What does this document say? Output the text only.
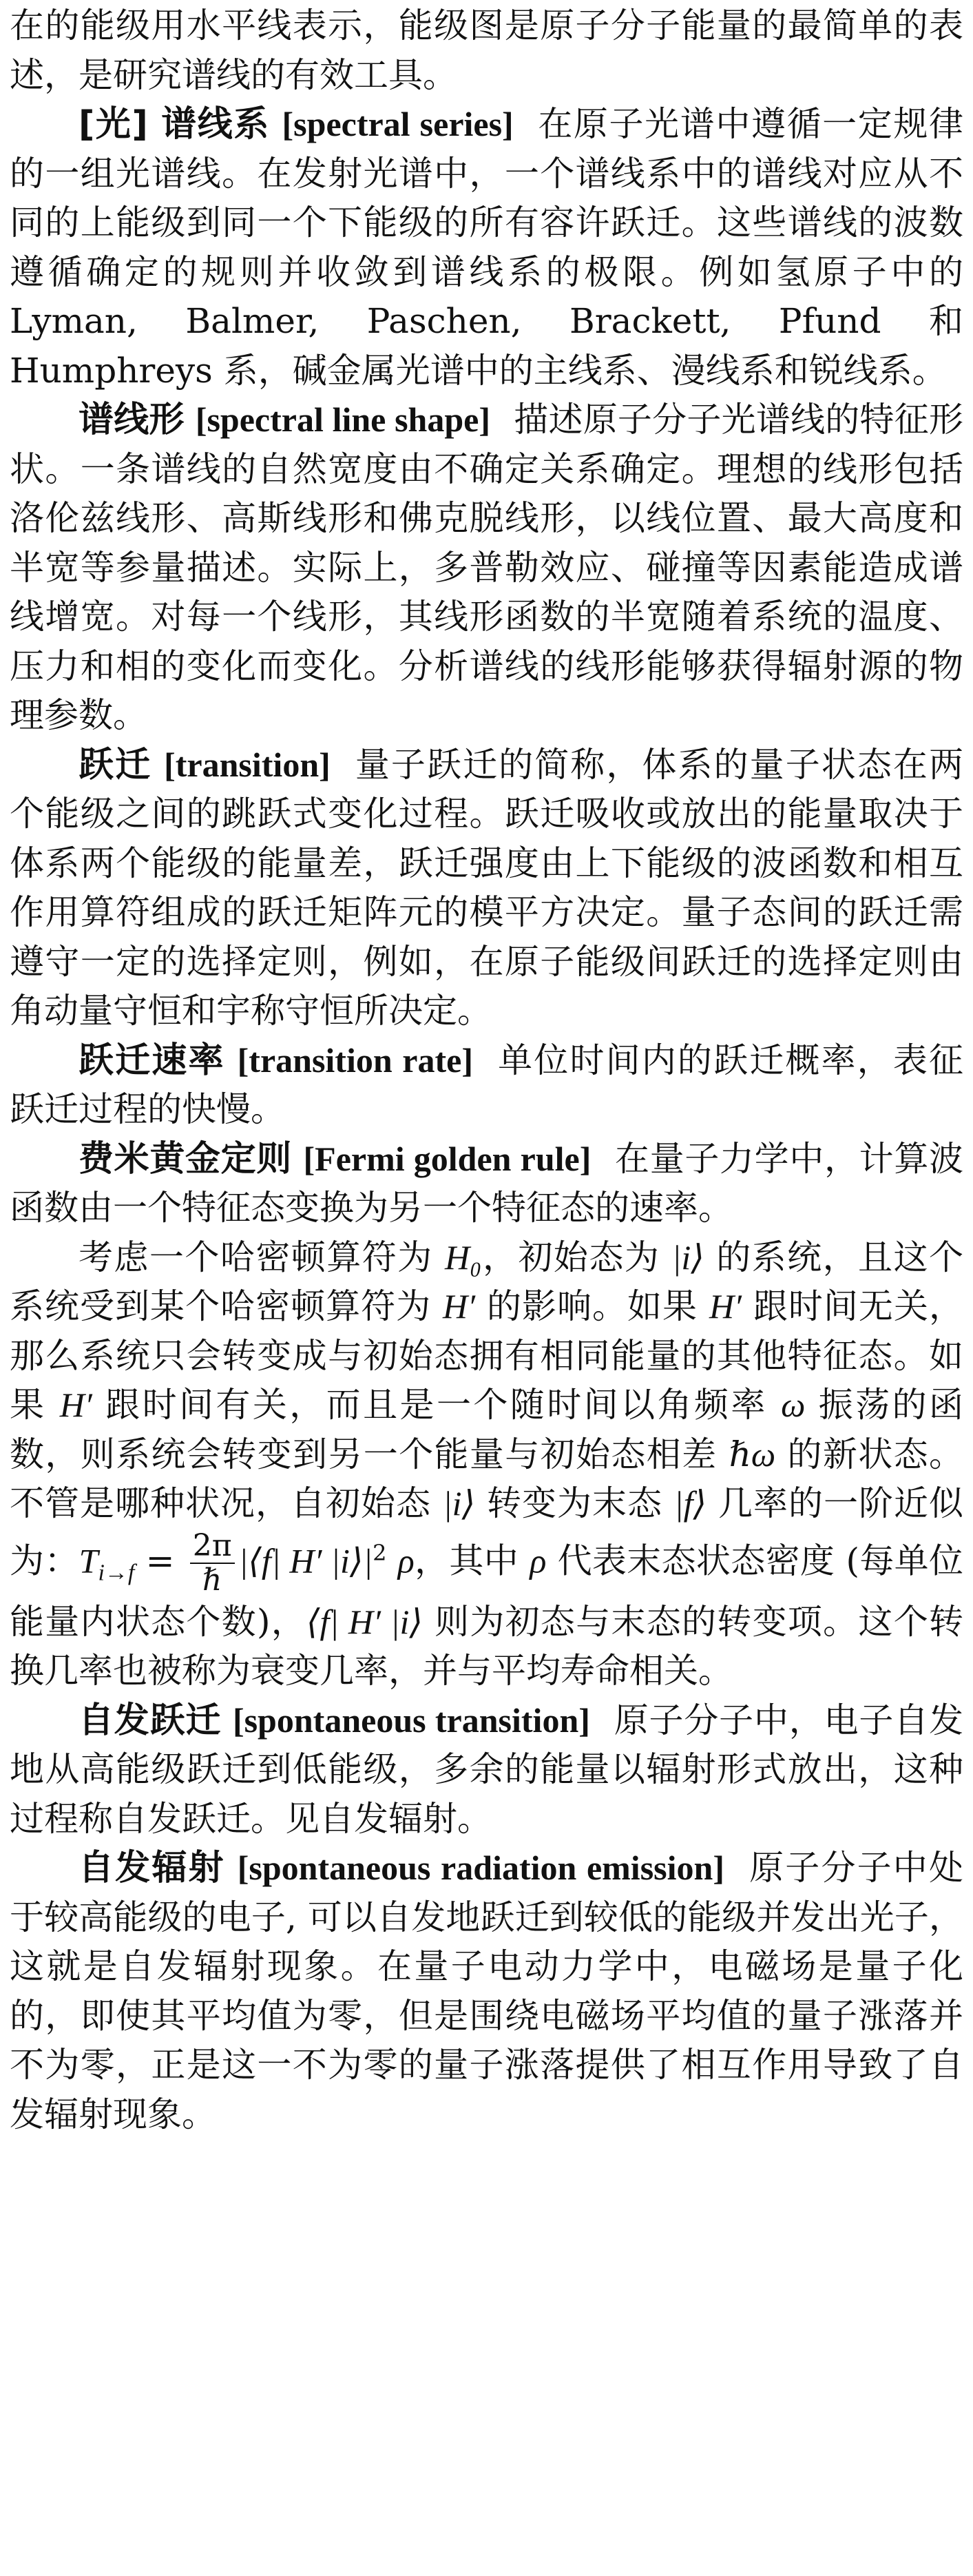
在的能级用水平线表示，能级图是原子分子能量的最简单的表述，是研究谱线的有效工具。

[光] 谱线系 [spectral series] 在原子光谱中遵循一定规律的一组光谱线。在发射光谱中，一个谱线系中的谱线对应从不同的上能级到同一个下能级的所有容许跃迁。这些谱线的波数遵循确定的规则并收敛到谱线系的极限。例如氢原子中的 Lyman, Balmer, Paschen, Brackett, Pfund 和 Humphreys 系，碱金属光谱中的主线系、漫线系和锐线系。

谱线形 [spectral line shape] 描述原子分子光谱线的特征形状。一条谱线的自然宽度由不确定关系确定。理想的线形包括洛伦兹线形、高斯线形和佛克脱线形，以线位置、最大高度和半宽等参量描述。实际上，多普勒效应、碰撞等因素能造成谱线增宽。对每一个线形，其线形函数的半宽随着系统的温度、压力和相的变化而变化。分析谱线的线形能够获得辐射源的物理参数。

跃迁 [transition] 量子跃迁的简称，体系的量子状态在两个能级之间的跳跃式变化过程。跃迁吸收或放出的能量取决于体系两个能级的能量差，跃迁强度由上下能级的波函数和相互作用算符组成的跃迁矩阵元的模平方决定。量子态间的跃迁需遵守一定的选择定则，例如，在原子能级间跃迁的选择定则由角动量守恒和宇称守恒所决定。

跃迁速率 [transition rate] 单位时间内的跃迁概率，表征跃迁过程的快慢。

费米黄金定则 [Fermi golden rule] 在量子力学中，计算波函数由一个特征态变换为另一个特征态的速率。

考虑一个哈密顿算符为 H₀，初始态为 |i⟩ 的系统，且这个系统受到某个哈密顿算符为 H′ 的影响。如果 H′ 跟时间无关，那么系统只会转变成与初始态拥有相同能量的其他特征态。如果 H′ 跟时间有关，而且是一个随时间以角频率 ω 振荡的函数，则系统会转变到另一个能量与初始态相差 ℏω 的新状态。不管是哪种状况，自初始态 |i⟩ 转变为末态 |f⟩ 几率的一阶近似为：$T_{i\to f} = \frac{2\pi}{\text{ℏ}}$ |⟨f| H′ $|i⟩|^2$ ρ，其中 ρ 代表末态状态密度 (每单位能量内状态个数)，⟨f| H′ |i⟩ 则为初态与末态的转变项。这个转换几率也被称为衰变几率，并与平均寿命相关。

自发跃迁 [spontaneous transition] 原子分子中，电子自发地从高能级跃迁到低能级，多余的能量以辐射形式放出，这种过程称自发跃迁。见自发辐射。

自发辐射 [spontaneous radiation emission] 原子分子中处于较高能级的电子, 可以自发地跃迁到较低的能级并发出光子，这就是自发辐射现象。在量子电动力学中，电磁场是量子化的，即使其平均值为零，但是围绕电磁场平均值的量子涨落并不为零，正是这一不为零的量子涨落提供了相互作用导致了自发辐射现象。
